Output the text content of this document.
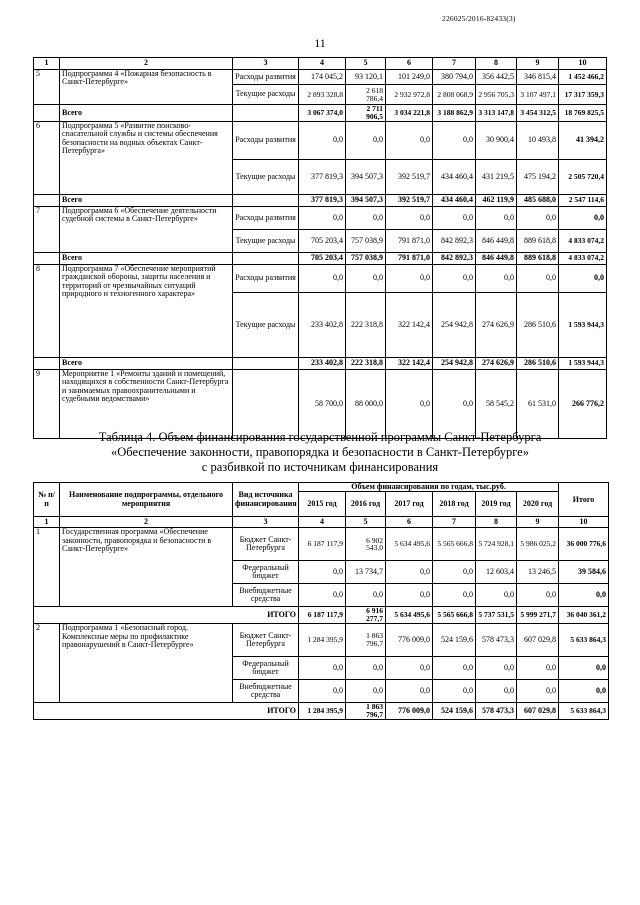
226025/2016-82433(3)
11
1	2	3	4	5	6	7	8	9	10
5	Подпрограмма 4 «Пожарная безопасность в Санкт-Петербурге»	Расходы развития	174 045,2	93 120,1	101 249,0	380 794,0	356 442,5	346 815,4	1 452 466,2
		Текущие расходы	2 893 328,8	2 618 786,4	2 932 972,8	2 808 068,9	2 956 705,3	3 107 497,1	17 317 359,3
	Всего		3 067 374,0	2 711 906,5	3 034 221,8	3 188 862,9	3 313 147,8	3 454 312,5	18 769 825,5
6	Подпрограмма 5 «Развитие поисково-спасательной службы и системы обеспечения безопасности на водных объектах Санкт-Петербурга»	Расходы развития	0,0	0,0	0,0	0,0	30 900,4	10 493,8	41 394,2
		Текущие расходы	377 819,3	394 507,3	392 519,7	434 460,4	431 219,5	475 194,2	2 505 720,4
	Всего		377 819,3	394 507,3	392 519,7	434 460,4	462 119,9	485 688,0	2 547 114,6
7	Подпрограмма 6 «Обеспечение деятельности судебной системы в Санкт-Петербурге»	Расходы развития	0,0	0,0	0,0	0,0	0,0	0,0	0,0
		Текущие расходы	705 203,4	757 038,9	791 871,0	842 892,3	846 449,8	889 618,8	4 833 074,2
	Всего		705 203,4	757 038,9	791 871,0	842 892,3	846 449,8	889 618,8	4 833 074,2
8	Подпрограмма 7 «Обеспечение мероприятий гражданской обороны, защиты населения и территорий от чрезвычайных ситуаций природного и техногенного характера»	Расходы развития	0,0	0,0	0,0	0,0	0,0	0,0	0,0
		Текущие расходы	233 402,8	222 318,8	322 142,4	254 942,8	274 626,9	286 510,6	1 593 944,3
	Всего		233 402,8	222 318,8	322 142,4	254 942,8	274 626,9	286 510,6	1 593 944,3
9	Мероприятие 1 «Ремонты зданий и помещений, находящихся в собственности Санкт-Петербурга и занимаемых правоохранительными и судебными ведомствами»		58 700,0	88 000,0	0,0	0,0	58 545,2	61 531,0	266 776,2
Таблица 4. Объем финансирования государственной программы Санкт-Петербурга
«Обеспечение законности, правопорядка и безопасности в Санкт-Петербурге»
с разбивкой по источникам финансирования
№ п/п	Наименование подпрограммы, отдельного мероприятия	Вид источника финансирования	Объем финансирования по годам, тыс.руб.						Итого
			2015 год	2016 год	2017 год	2018 год	2019 год	2020 год	
1	2	3	4	5	6	7	8	9	10
1	Государственная программа «Обеспечение законности, правопорядка и безопасности в Санкт-Петербурге»	Бюджет Санкт-Петербурга	6 187 117,9	6 902 543,0	5 634 495,6	5 565 666,8	5 724 928,1	5 986 025,2	36 000 776,6
		Федеральный бюджет	0,0	13 734,7	0,0	0,0	12 603,4	13 246,5	39 584,6
		Внебюджетные средства	0,0	0,0	0,0	0,0	0,0	0,0	0,0
ИТОГО			6 187 117,9	6 916 277,7	5 634 495,6	5 565 666,8	5 737 531,5	5 999 271,7	36 040 361,2
2	Подпрограмма 1 «Безопасный город. Комплексные меры по профилактике правонарушений в Санкт-Петербурге»	Бюджет Санкт-Петербурга	1 284 395,9	1 863 796,7	776 009,0	524 159,6	578 473,3	607 029,8	5 633 864,3
		Федеральный бюджет	0,0	0,0	0,0	0,0	0,0	0,0	0,0
		Внебюджетные средства	0,0	0,0	0,0	0,0	0,0	0,0	0,0
ИТОГО			1 284 395,9	1 863 796,7	776 009,0	524 159,6	578 473,3	607 029,8	5 633 864,3
